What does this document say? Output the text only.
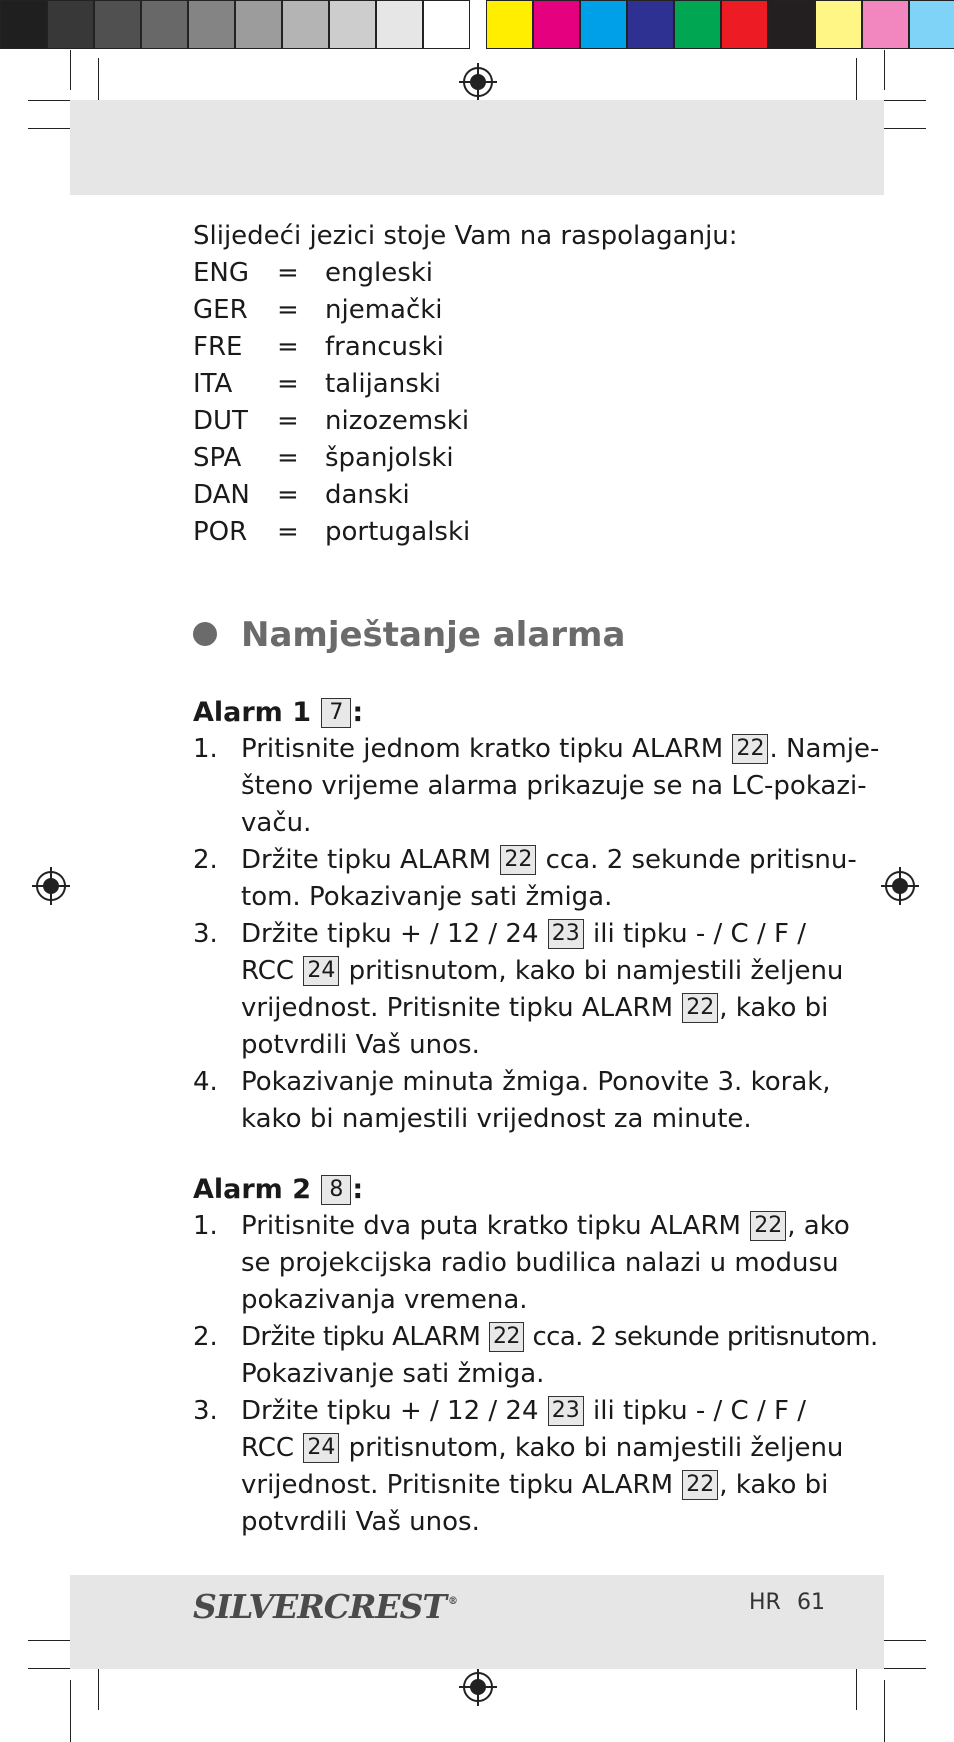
Slijedeći jezici stoje Vam na raspolaganju:
ENG = engleski
GER = njemački
FRE = francuski
ITA = talijanski
DUT = nizozemski
SPA = španjolski
DAN = danski
POR = portugalski
Namještanje alarma
Alarm 1 7 :
1. Pritisnite jednom kratko tipku ALARM 22 . Namje-
šteno vrijeme alarma prikazuje se na LC-pokazi-
vaču.
2. Držite tipku ALARM 22 cca. 2 sekunde pritisnu-
tom. Pokazivanje sati žmiga.
3. Držite tipku + / 12 / 24 23 ili tipku - / C / F /
RCC 24 pritisnutom, kako bi namjestili željenu
vrijednost. Pritisnite tipku ALARM 22 , kako bi
potvrdili Vaš unos.
4. Pokazivanje minuta žmiga. Ponovite 3. korak,
kako bi namjestili vrijednost za minute.
Alarm 2 8 :
1. Pritisnite dva puta kratko tipku ALARM 22 , ako
se projekcijska radio budilica nalazi u modusu
pokazivanja vremena.
2. Držite tipku ALARM 22 cca. 2 sekunde pritisnutom.
Pokazivanje sati žmiga.
3. Držite tipku + / 12 / 24 23 ili tipku - / C / F /
RCC 24 pritisnutom, kako bi namjestili željenu
vrijednost. Pritisnite tipku ALARM 22 , kako bi
potvrdili Vaš unos.
SILVERCREST ®	HR 61
